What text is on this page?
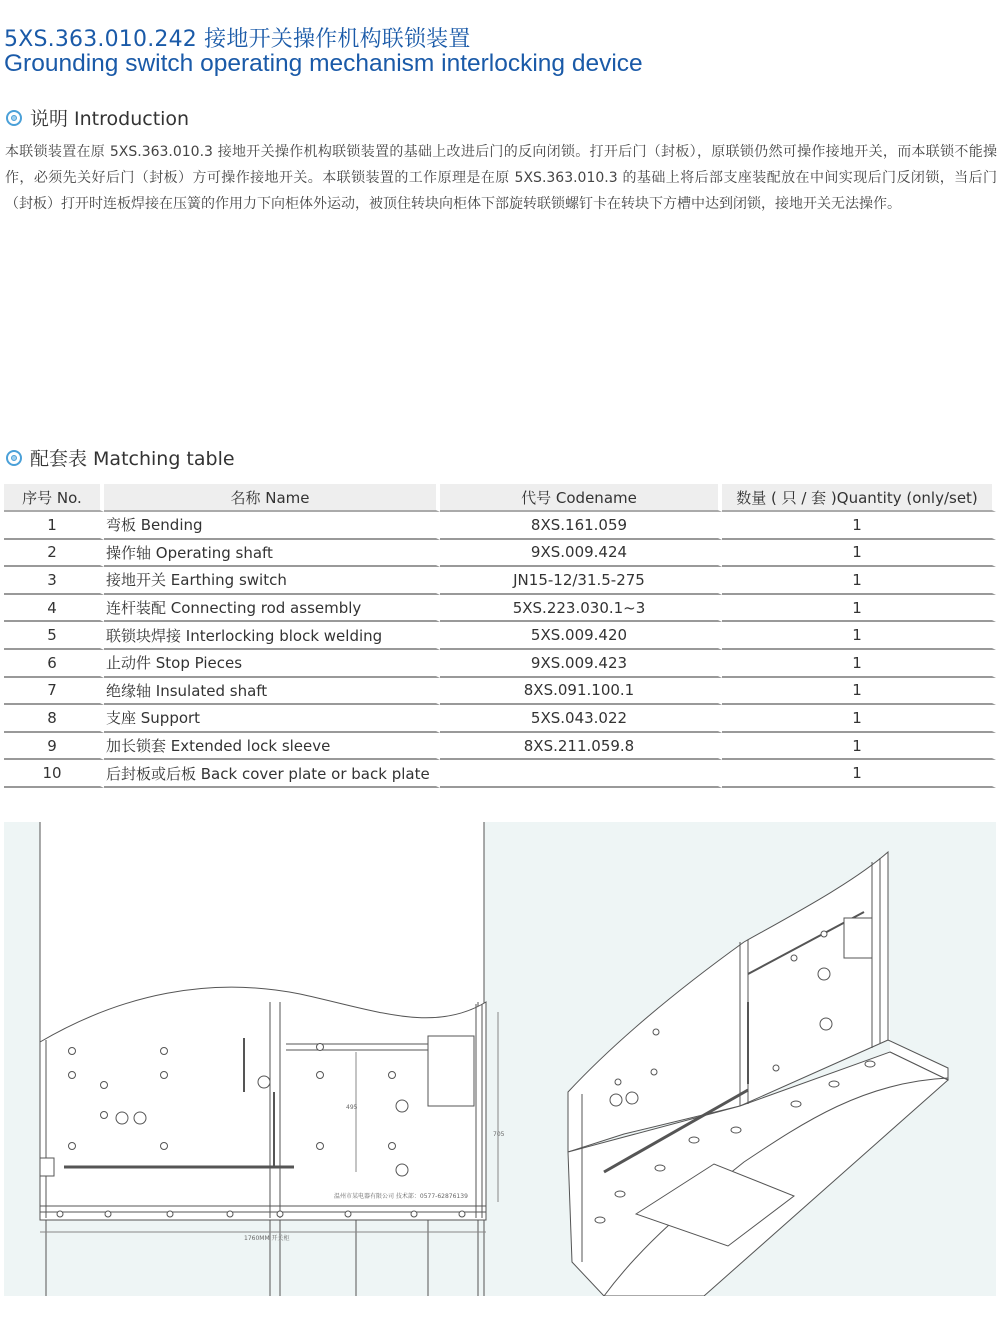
5XS.363.010.242 接地开关操作机构联锁装置
Grounding switch operating mechanism interlocking device
说明 Introduction

本联锁装置在原 5XS.363.010.3 接地开关操作机构联锁装置的基础上改进后门的反向闭锁。打开后门（封板），原联锁仍然可操作接地开关，而本联锁不能操作，必须先关好后门（封板）方可操作接地开关。本联锁装置的工作原理是在原 5XS.363.010.3 的基础上将后部支座装配放在中间实现后门反闭锁，当后门（封板）打开时连板焊接在压簧的作用力下向柜体外运动，被顶住转块向柜体下部旋转联锁螺钉卡在转块下方槽中达到闭锁，接地开关无法操作。

配套表 Matching table
序号 No.	名称 Name	代号 Codename	数量 ( 只 / 套 )Quantity (only/set)
1	弯板 Bending	8XS.161.059	1
2	操作轴 Operating shaft	9XS.009.424	1
3	接地开关 Earthing switch	JN15-12/31.5-275	1
4	连杆装配 Connecting rod assembly	5XS.223.030.1~3	1
5	联锁块焊接 Interlocking block welding	5XS.009.420	1
6	止动件 Stop Pieces	9XS.009.423	1
7	绝缘轴 Insulated shaft	8XS.091.100.1	1
8	支座 Support	5XS.043.022	1
9	加长锁套 Extended lock sleeve	8XS.211.059.8	1
10	后封板或后板 Back cover plate or back plate		1
495
705
1760MM 开关柜
温州市某电器有限公司 技术部：0577-62876139
